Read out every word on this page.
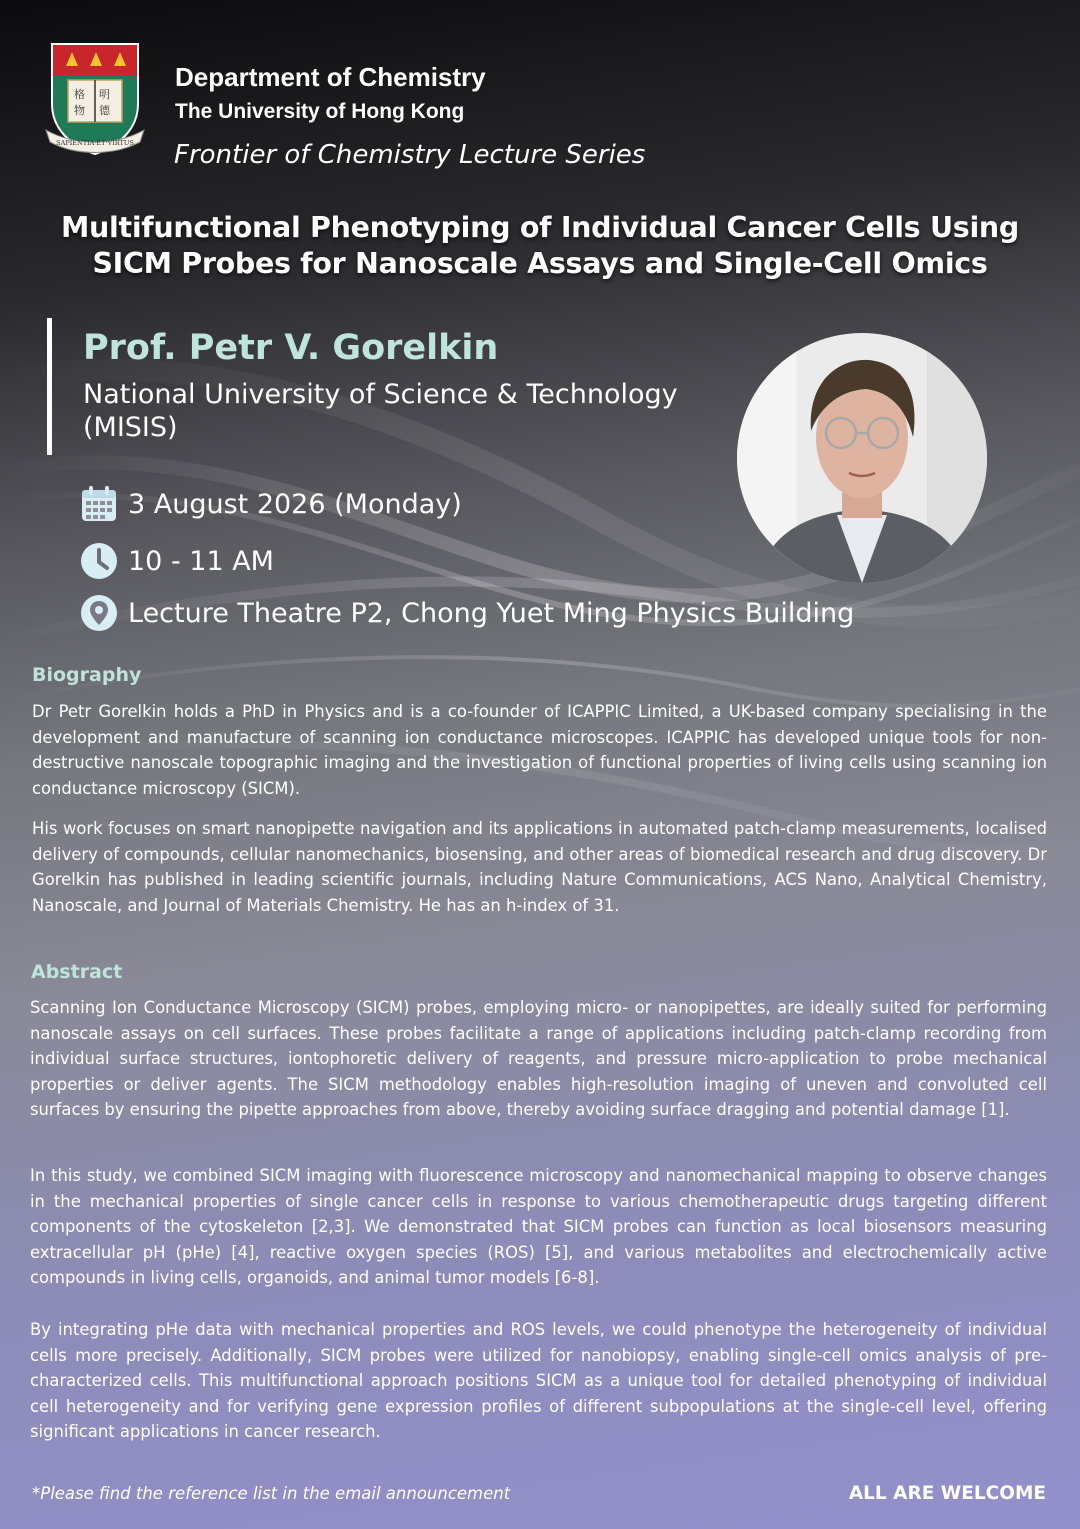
格 明
物 德
SAPIENTIA·ET·VIRTUS
Department of Chemistry
The University of Hong Kong
Frontier of Chemistry Lecture Series
Multifunctional Phenotyping of Individual Cancer Cells Using
SICM Probes for Nanoscale Assays and Single-Cell Omics
Prof. Petr V. Gorelkin
National University of Science & Technology
(MISIS)
3 August 2026 (Monday)
10 - 11 AM
Lecture Theatre P2, Chong Yuet Ming Physics Building
Biography
Dr Petr Gorelkin holds a PhD in Physics and is a co-founder of ICAPPIC Limited, a UK-based company specialising in the development and manufacture of scanning ion conductance microscopes. ICAPPIC has developed unique tools for non-destructive nanoscale topographic imaging and the investigation of functional properties of living cells using scanning ion conductance microscopy (SICM).
His work focuses on smart nanopipette navigation and its applications in automated patch-clamp measurements, localised delivery of compounds, cellular nanomechanics, biosensing, and other areas of biomedical research and drug discovery. Dr Gorelkin has published in leading scientific journals, including Nature Communications, ACS Nano, Analytical Chemistry, Nanoscale, and Journal of Materials Chemistry. He has an h-index of 31.
Abstract
Scanning Ion Conductance Microscopy (SICM) probes, employing micro- or nanopipettes, are ideally suited for performing nanoscale assays on cell surfaces. These probes facilitate a range of applications including patch-clamp recording from individual surface structures, iontophoretic delivery of reagents, and pressure micro-application to probe mechanical properties or deliver agents. The SICM methodology enables high-resolution imaging of uneven and convoluted cell surfaces by ensuring the pipette approaches from above, thereby avoiding surface dragging and potential damage [1].
In this study, we combined SICM imaging with fluorescence microscopy and nanomechanical mapping to observe changes in the mechanical properties of single cancer cells in response to various chemotherapeutic drugs targeting different components of the cytoskeleton [2,3]. We demonstrated that SICM probes can function as local biosensors measuring extracellular pH (pHe) [4], reactive oxygen species (ROS) [5], and various metabolites and electrochemically active compounds in living cells, organoids, and animal tumor models [6-8].
By integrating pHe data with mechanical properties and ROS levels, we could phenotype the heterogeneity of individual cells more precisely. Additionally, SICM probes were utilized for nanobiopsy, enabling single-cell omics analysis of pre-characterized cells. This multifunctional approach positions SICM as a unique tool for detailed phenotyping of individual cell heterogeneity and for verifying gene expression profiles of different subpopulations at the single-cell level, offering significant applications in cancer research.
*Please find the reference list in the email announcement	ALL ARE WELCOME
